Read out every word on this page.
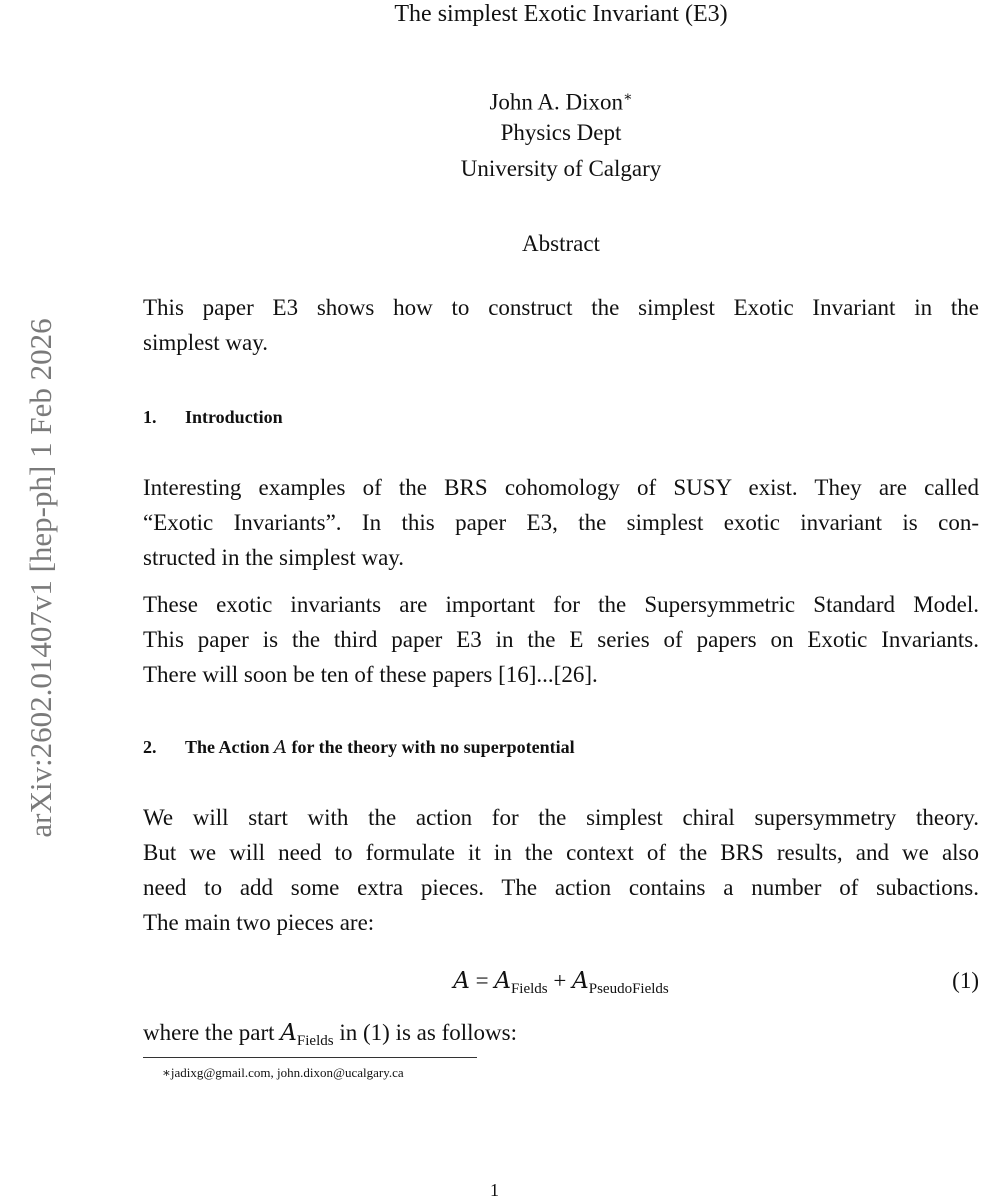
arXiv:2602.01407v1 [hep-ph] 1 Feb 2026
The simplest Exotic Invariant (E3)
John A. Dixon∗
Physics Dept
University of Calgary
Abstract
This paper E3 shows how to construct the simplest Exotic Invariant in the
simplest way.
1. Introduction
Interesting examples of the BRS cohomology of SUSY exist. They are called
“Exotic Invariants”. In this paper E3, the simplest exotic invariant is con-
structed in the simplest way.
These exotic invariants are important for the Supersymmetric Standard Model.
This paper is the third paper E3 in the E series of papers on Exotic Invariants.
There will soon be ten of these papers [16]...[26].
2. The Action A for the theory with no superpotential
We will start with the action for the simplest chiral supersymmetry theory.
But we will need to formulate it in the context of the BRS results, and we also
need to add some extra pieces. The action contains a number of subactions.
The main two pieces are:
$A = A_{Fields} + A_{PseudoFields}$	(1)
where the part $A_{Fields}$ in (1) is as follows:
∗jadixg@gmail.com, john.dixon@ucalgary.ca
1
